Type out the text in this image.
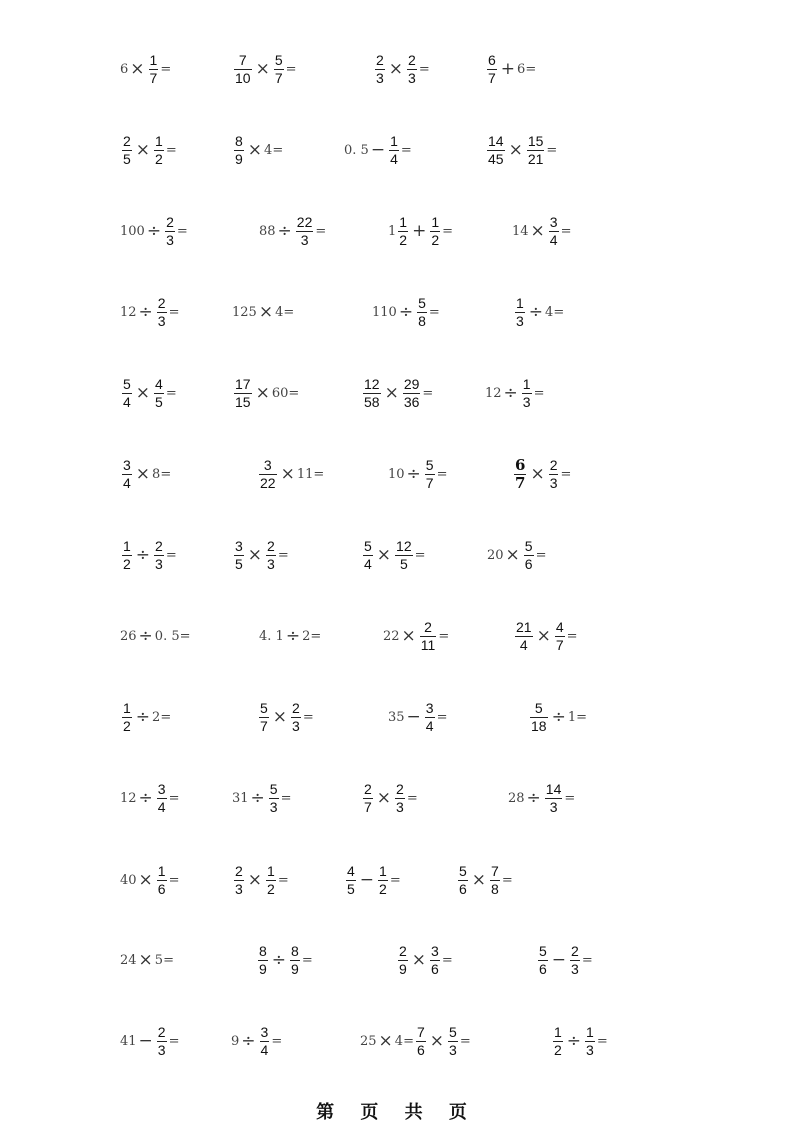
$6 \times \frac{1}{7}$ =	$\frac{7}{10} \times \frac{5}{7}$ =	$\frac{2}{3} \times \frac{2}{3}$ =	$\frac{6}{7} + 6=$
$\frac{2}{5} \times \frac{1}{2}$ =	$\frac{8}{9} \times 4=$	0. $5 - \frac{1}{4}$ =	$\frac{14}{45} \times \frac{15}{21}$ =
$100 \div \frac{2}{3}$ =	$88 \div \frac{22}{3}$ =	$1 \frac{1}{2} + \frac{1}{2}$ =	$14 \times \frac{3}{4}$ =
$12 \div \frac{2}{3}$ =	125 × 4=	$110 \div \frac{5}{8}$ =	$\frac{1}{3} \div 4=$
$\frac{5}{4} \times \frac{4}{5}$ =	$\frac{17}{15} \times 60=$	$\frac{12}{58} \times \frac{29}{36}$ =	$12 \div \frac{1}{3}$ =
$\frac{3}{4} \times 8=$	$\frac{3}{22} \times 11=$	$10 \div \frac{5}{7}$ =	$\frac{6}{7} \times \frac{2}{3}$ =
$\frac{1}{2} \div \frac{2}{3}$ =	$\frac{3}{5} \times \frac{2}{3}$ =	$\frac{5}{4} \times \frac{12}{5}$ =	$20 \times \frac{5}{6}$ =
26 ÷ 0. 5=	4. 1 ÷ 2=	$22 \times \frac{2}{11}$ =	$\frac{21}{4} \times \frac{4}{7}$ =
$\frac{1}{2} \div 2=$	$\frac{5}{7} \times \frac{2}{3}$ =	$35 - \frac{3}{4}$ =	$\frac{5}{18} \div 1=$
$12 \div \frac{3}{4}$ =	$31 \div \frac{5}{3}$ =	$\frac{2}{7} \times \frac{2}{3}$ =	$28 \div \frac{14}{3}$ =
$40 \times \frac{1}{6}$ =	$\frac{2}{3} \times \frac{1}{2}$ =	$\frac{4}{5} - \frac{1}{2}$ =	$\frac{5}{6} \times \frac{7}{8}$ =
24 × 5=	$\frac{8}{9} \div \frac{8}{9}$ =	$\frac{2}{9} \times \frac{3}{6}$ =	$\frac{5}{6} - \frac{2}{3}$ =
$41 - \frac{2}{3}$ =	$9 \div \frac{3}{4}$ =	$25 \times 4= \frac{7}{6} \times \frac{5}{3}$ =	$\frac{1}{2} \div \frac{1}{3}$ =
第 页 共 页
